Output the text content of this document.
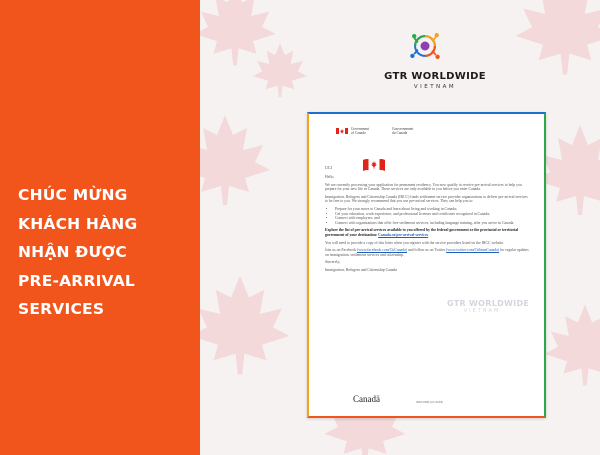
CHÚC MỪNG
KHÁCH HÀNG
NHẬN ĐƯỢC
PRE-ARRIVAL
SERVICES
GTR WORLDWIDE
VIETNAM
Government
of Canada
Gouvernement
du Canada
UCI

Hello,

We are currently processing your application for permanent residency. You now qualify to receive pre-arrival services to help you prepare for your new life in Canada. These services are only available to you before you enter Canada.

Immigration, Refugees and Citizenship Canada (IRCC) funds settlement service provider organizations to deliver pre-arrival services to be free to you. We strongly recommend that you use pre-arrival services. They can help you to:

• Prepare for your move to Canada and learn about living and working in Canada;
• Get your education, work experience, and professional licenses and certificates recognized in Canada;
• Connect with employers; and
• Connect with organizations that offer free settlement services, including language training, after you arrive in Canada.

Explore the list of pre-arrival services available to you offered by the federal government or the provincial or territorial government of your destination: Canada.ca/pre-arrival-services

You will need to provide a copy of this letter when you register with the service providers listed on the IRCC website.

Join us on Facebook (www.facebook.com/CitCanada) and follow us on Twitter (www.twitter.com/CitImmCanada) for regular updates on immigration, settlement services and citizenship.

Sincerely,

Immigration, Refugees and Citizenship Canada

GTR WORLDWIDE
VIETNAM
Canadä	IMM 0999 (07-2018)
